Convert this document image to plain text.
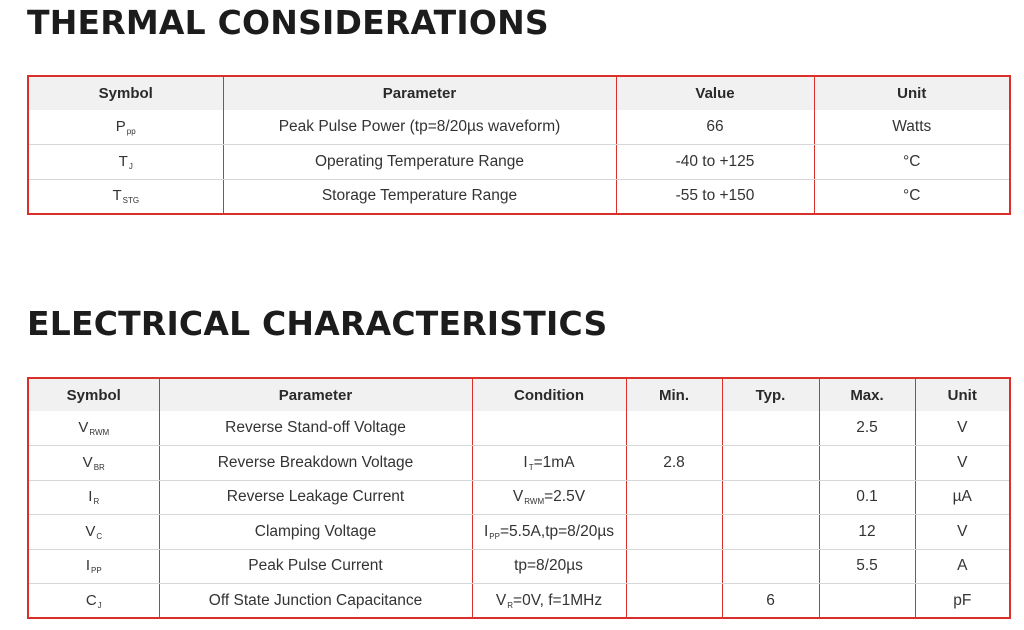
THERMAL CONSIDERATIONS
Symbol	Parameter	Value	Unit
$P_{pp}$	Peak Pulse Power (tp=8/20µs waveform)	66	Watts
$T_J$	Operating Temperature Range	-40 to +125	°C
$T_{STG}$	Storage Temperature Range	-55 to +150	°C
ELECTRICAL CHARACTERISTICS
Symbol	Parameter	Condition	Min.	Typ.	Max.	Unit
$V_{RWM}$	Reverse Stand-off Voltage				2.5	V
$V_{BR}$	Reverse Breakdown Voltage	$I_T=1mA$	2.8			V
$I_R$	Reverse Leakage Current	$V_{RWM}=2.5V$			0.1	µA
$V_C$	Clamping Voltage	$I_{PP}=5.5A,tp=8/20\mu s$			12	V
$I_{PP}$	Peak Pulse Current	tp=8/20µs			5.5	A
$C_J$	Off State Junction Capacitance	$V_R=0V$, f=1MHz		6		pF
